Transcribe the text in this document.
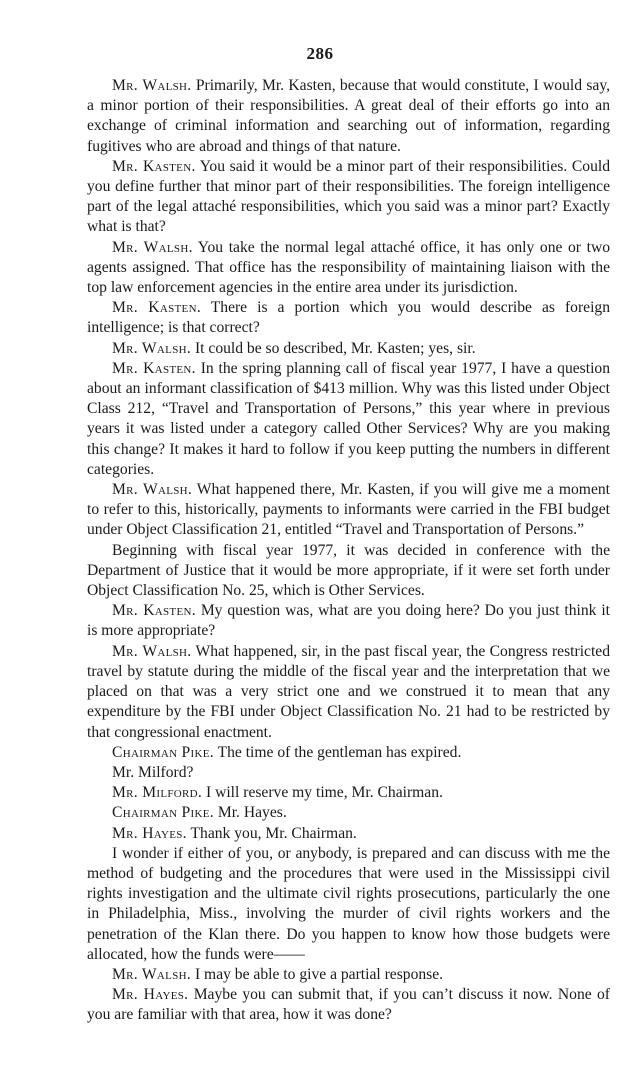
286

Mr. Walsh. Primarily, Mr. Kasten, because that would constitute, I would say, a minor portion of their responsibilities. A great deal of their efforts go into an exchange of criminal information and searching out of information, regarding fugitives who are abroad and things of that nature.

Mr. Kasten. You said it would be a minor part of their responsibilities. Could you define further that minor part of their responsibilities. The foreign intelligence part of the legal attaché responsibilities, which you said was a minor part? Exactly what is that?

Mr. Walsh. You take the normal legal attaché office, it has only one or two agents assigned. That office has the responsibility of maintaining liaison with the top law enforcement agencies in the entire area under its jurisdiction.

Mr. Kasten. There is a portion which you would describe as foreign intelligence; is that correct?

Mr. Walsh. It could be so described, Mr. Kasten; yes, sir.

Mr. Kasten. In the spring planning call of fiscal year 1977, I have a question about an informant classification of $413 million. Why was this listed under Object Class 212, “Travel and Transportation of Persons,” this year where in previous years it was listed under a category called Other Services? Why are you making this change? It makes it hard to follow if you keep putting the numbers in different categories.

Mr. Walsh. What happened there, Mr. Kasten, if you will give me a moment to refer to this, historically, payments to informants were carried in the FBI budget under Object Classification 21, entitled “Travel and Transportation of Persons.”

Beginning with fiscal year 1977, it was decided in conference with the Department of Justice that it would be more appropriate, if it were set forth under Object Classification No. 25, which is Other Services.

Mr. Kasten. My question was, what are you doing here? Do you just think it is more appropriate?

Mr. Walsh. What happened, sir, in the past fiscal year, the Congress restricted travel by statute during the middle of the fiscal year and the interpretation that we placed on that was a very strict one and we construed it to mean that any expenditure by the FBI under Object Classification No. 21 had to be restricted by that congressional enactment.

Chairman Pike. The time of the gentleman has expired.

Mr. Milford?

Mr. Milford. I will reserve my time, Mr. Chairman.

Chairman Pike. Mr. Hayes.

Mr. Hayes. Thank you, Mr. Chairman.

I wonder if either of you, or anybody, is prepared and can discuss with me the method of budgeting and the procedures that were used in the Mississippi civil rights investigation and the ultimate civil rights prosecutions, particularly the one in Philadelphia, Miss., involving the murder of civil rights workers and the penetration of the Klan there. Do you happen to know how those budgets were allocated, how the funds were——

Mr. Walsh. I may be able to give a partial response.

Mr. Hayes. Maybe you can submit that, if you can’t discuss it now. None of you are familiar with that area, how it was done?
